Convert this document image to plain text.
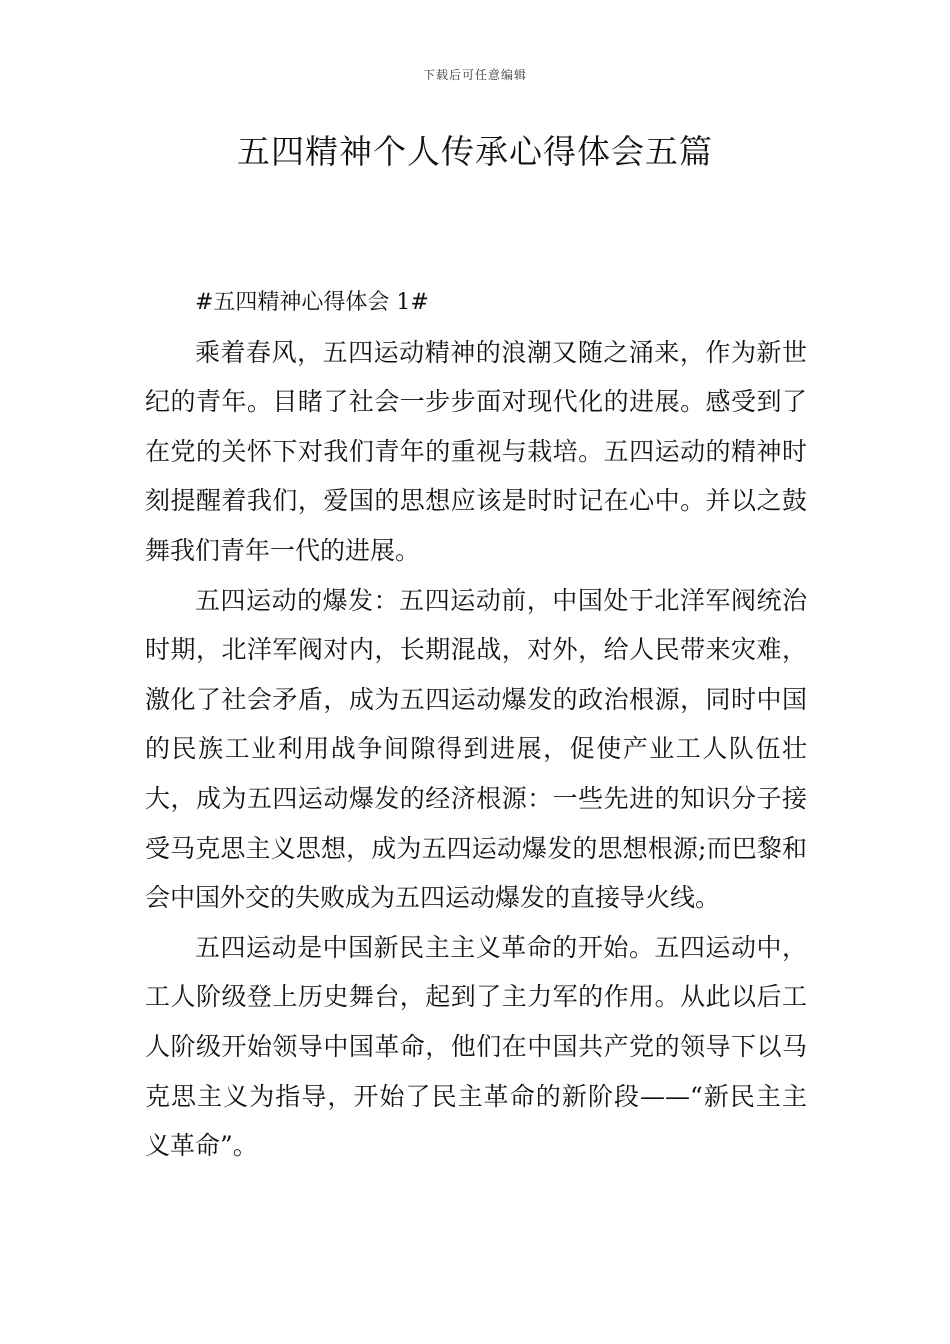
下载后可任意编辑
五四精神个人传承心得体会五篇

#五四精神心得体会 1#

乘着春风，五四运动精神的浪潮又随之涌来，作为新世纪的青年。目睹了社会一步步面对现代化的进展。感受到了在党的关怀下对我们青年的重视与栽培。五四运动的精神时刻提醒着我们，爱国的思想应该是时时记在心中。并以之鼓舞我们青年一代的进展。

五四运动的爆发：五四运动前，中国处于北洋军阀统治时期，北洋军阀对内，长期混战，对外，给人民带来灾难，激化了社会矛盾，成为五四运动爆发的政治根源，同时中国的民族工业利用战争间隙得到进展，促使产业工人队伍壮大，成为五四运动爆发的经济根源：一些先进的知识分子接受马克思主义思想，成为五四运动爆发的思想根源;而巴黎和会中国外交的失败成为五四运动爆发的直接导火线。

五四运动是中国新民主主义革命的开始。五四运动中，工人阶级登上历史舞台，起到了主力军的作用。从此以后工人阶级开始领导中国革命，他们在中国共产党的领导下以马克思主义为指导，开始了民主革命的新阶段——“新民主主义革命”。
